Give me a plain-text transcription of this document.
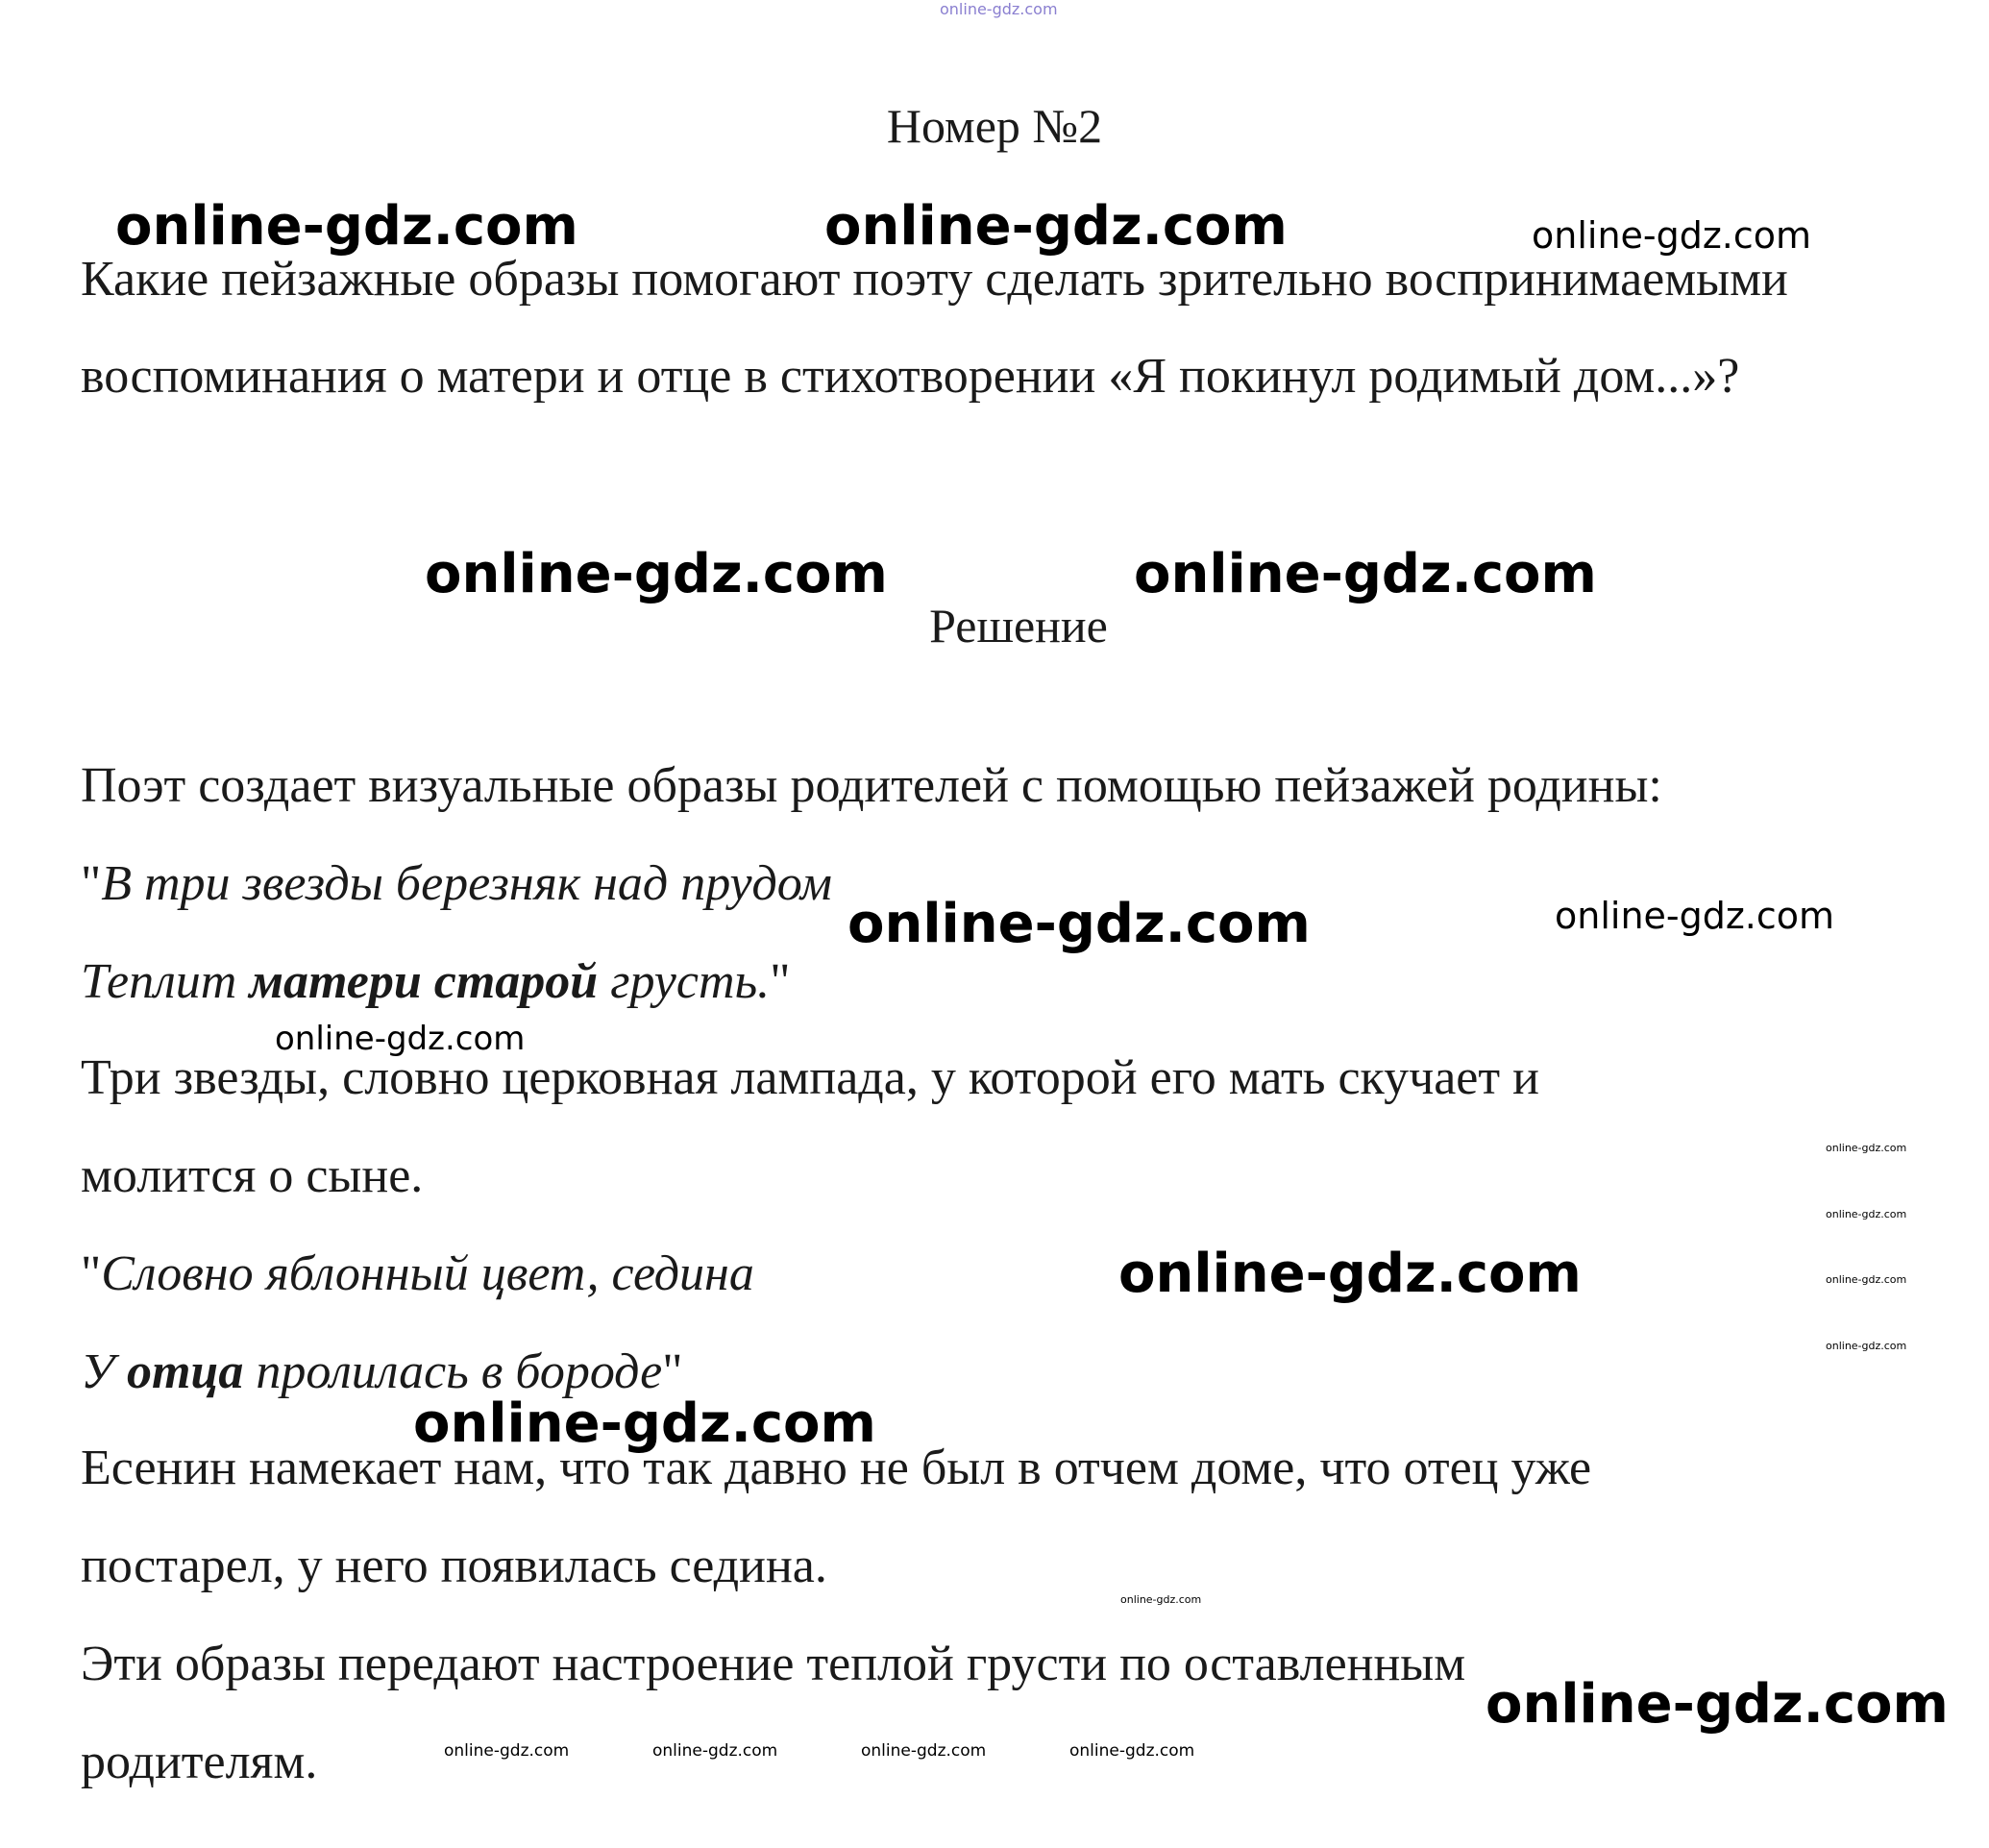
online-gdz.com
Номер №2
online-gdz.com	online-gdz.com	online-gdz.com

Какие пейзажные образы помогают поэту сделать зрительно воспринимаемыми воспоминания о матери и отце в стихотворении «Я покинул родимый дом...»?

online-gdz.com	online-gdz.com
Решение
Поэт создает визуальные образы родителей с помощью пейзажей родины:
"В три звезды березняк над прудом
online-gdz.com	online-gdz.com
Теплит матери старой грусть."
online-gdz.com
Три звезды, словно церковная лампада, у которой его мать скучает и
молится о сыне.
online-gdz.com
online-gdz.com
online-gdz.com
online-gdz.com
"Словно яблонный цвет, седина	online-gdz.com
У отца пролилась в бороде"
online-gdz.com
Есенин намекает нам, что так давно не был в отчем доме, что отец уже
постарел, у него появилась седина.
online-gdz.com
Эти образы передают настроение теплой грусти по оставленным
online-gdz.com
родителям.	online-gdz.com	online-gdz.com	online-gdz.com	online-gdz.com
